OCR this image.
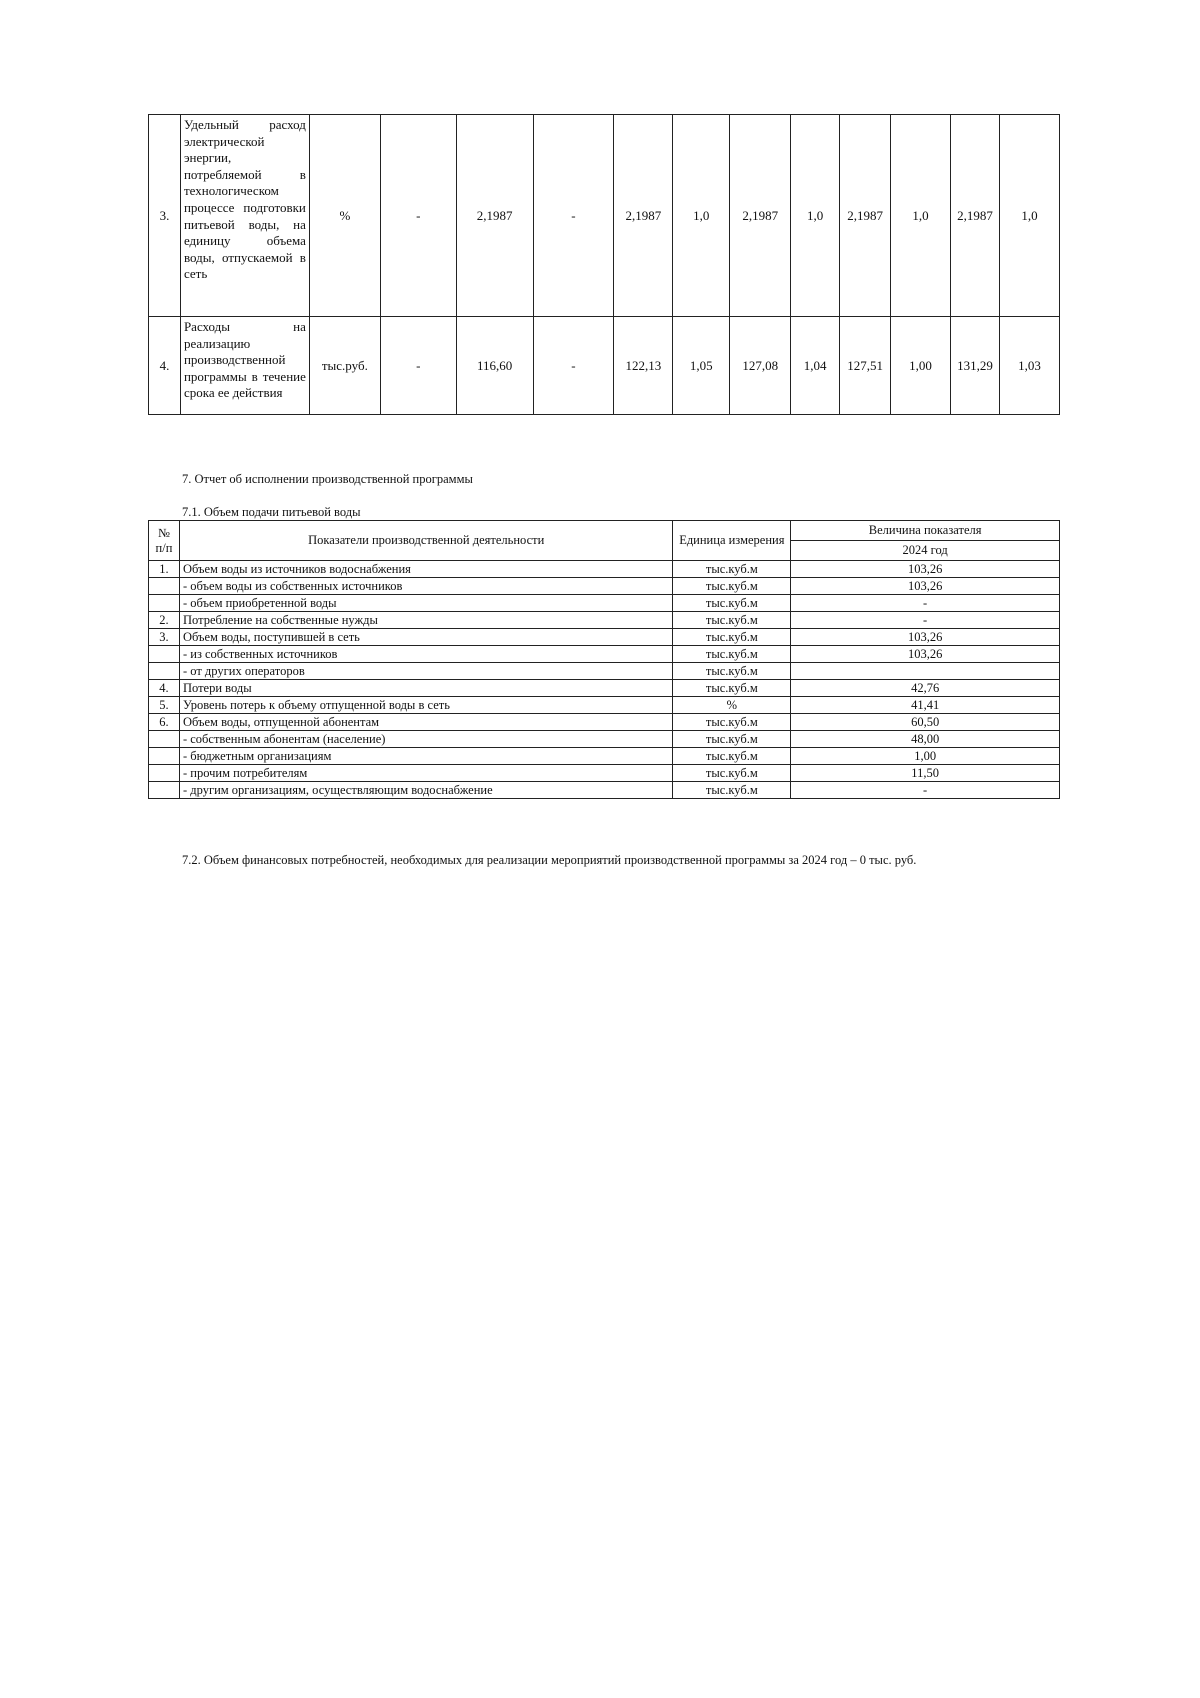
3.	Удельный расход электрической энергии, потребляемой в технологическом процессе подготовки питьевой воды, на единицу объема воды, отпускаемой в сеть	%	-	2,1987	-	2,1987	1,0	2,1987	1,0	2,1987	1,0	2,1987	1,0
4.	Расходы на реализацию производственной программы в течение срока ее действия	тыс.руб.	-	116,60	-	122,13	1,05	127,08	1,04	127,51	1,00	131,29	1,03
7. Отчет об исполнении производственной программы
7.1. Объем подачи питьевой воды
№ п/п	Показатели производственной деятельности	Единица измерения	Величина показателя
			2024 год
1.	Объем воды из источников водоснабжения	тыс.куб.м	103,26
	- объем воды из собственных источников	тыс.куб.м	103,26
	- объем приобретенной воды	тыс.куб.м	-
2.	Потребление на собственные нужды	тыс.куб.м	-
3.	Объем воды, поступившей в сеть	тыс.куб.м	103,26
	- из собственных источников	тыс.куб.м	103,26
	- от других операторов	тыс.куб.м	
4.	Потери воды	тыс.куб.м	42,76
5.	Уровень потерь к объему отпущенной воды в сеть	%	41,41
6.	Объем воды, отпущенной абонентам	тыс.куб.м	60,50
	- собственным абонентам (население)	тыс.куб.м	48,00
	- бюджетным организациям	тыс.куб.м	1,00
	- прочим потребителям	тыс.куб.м	11,50
	- другим организациям, осуществляющим водоснабжение	тыс.куб.м	-
7.2. Объем финансовых потребностей, необходимых для реализации мероприятий производственной программы за 2024 год – 0 тыс. руб.
